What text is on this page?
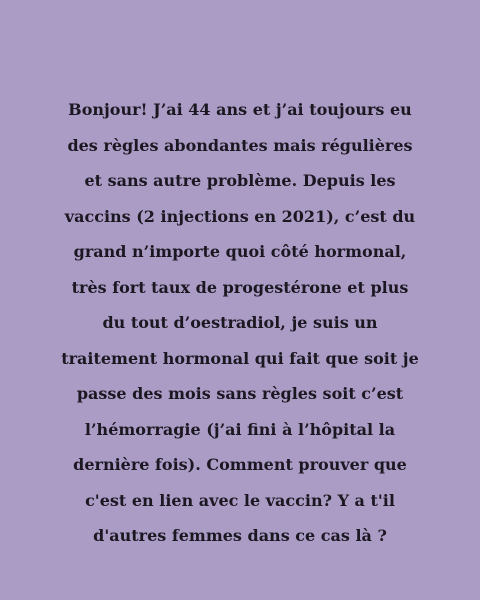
Bonjour! J’ai 44 ans et j’ai toujours eu
des règles abondantes mais régulières
et sans autre problème. Depuis les
vaccins (2 injections en 2021), c’est du
grand n’importe quoi côté hormonal,
très fort taux de progestérone et plus
du tout d’oestradiol, je suis un
traitement hormonal qui fait que soit je
passe des mois sans règles soit c’est
l’hémorragie (j’ai fini à l’hôpital la
dernière fois). Comment prouver que
c'est en lien avec le vaccin? Y a t'il
d'autres femmes dans ce cas là ?
